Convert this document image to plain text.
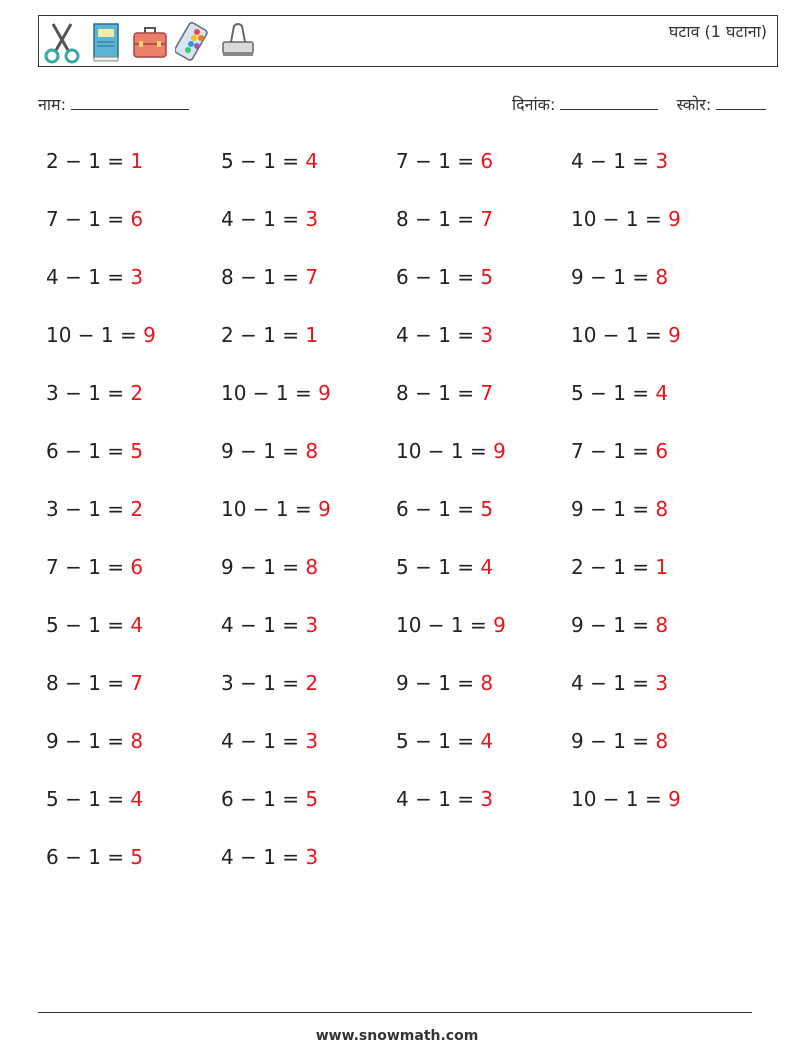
घटाव (1 घटाना)
नाम:	दिनांक:	स्कोर:
2 − 1 = 1	5 − 1 = 4	7 − 1 = 6	4 − 1 = 3
7 − 1 = 6	4 − 1 = 3	8 − 1 = 7	10 − 1 = 9
4 − 1 = 3	8 − 1 = 7	6 − 1 = 5	9 − 1 = 8
10 − 1 = 9	2 − 1 = 1	4 − 1 = 3	10 − 1 = 9
3 − 1 = 2	10 − 1 = 9	8 − 1 = 7	5 − 1 = 4
6 − 1 = 5	9 − 1 = 8	10 − 1 = 9	7 − 1 = 6
3 − 1 = 2	10 − 1 = 9	6 − 1 = 5	9 − 1 = 8
7 − 1 = 6	9 − 1 = 8	5 − 1 = 4	2 − 1 = 1
5 − 1 = 4	4 − 1 = 3	10 − 1 = 9	9 − 1 = 8
8 − 1 = 7	3 − 1 = 2	9 − 1 = 8	4 − 1 = 3
9 − 1 = 8	4 − 1 = 3	5 − 1 = 4	9 − 1 = 8
5 − 1 = 4	6 − 1 = 5	4 − 1 = 3	10 − 1 = 9
6 − 1 = 5	4 − 1 = 3
www.snowmath.com
